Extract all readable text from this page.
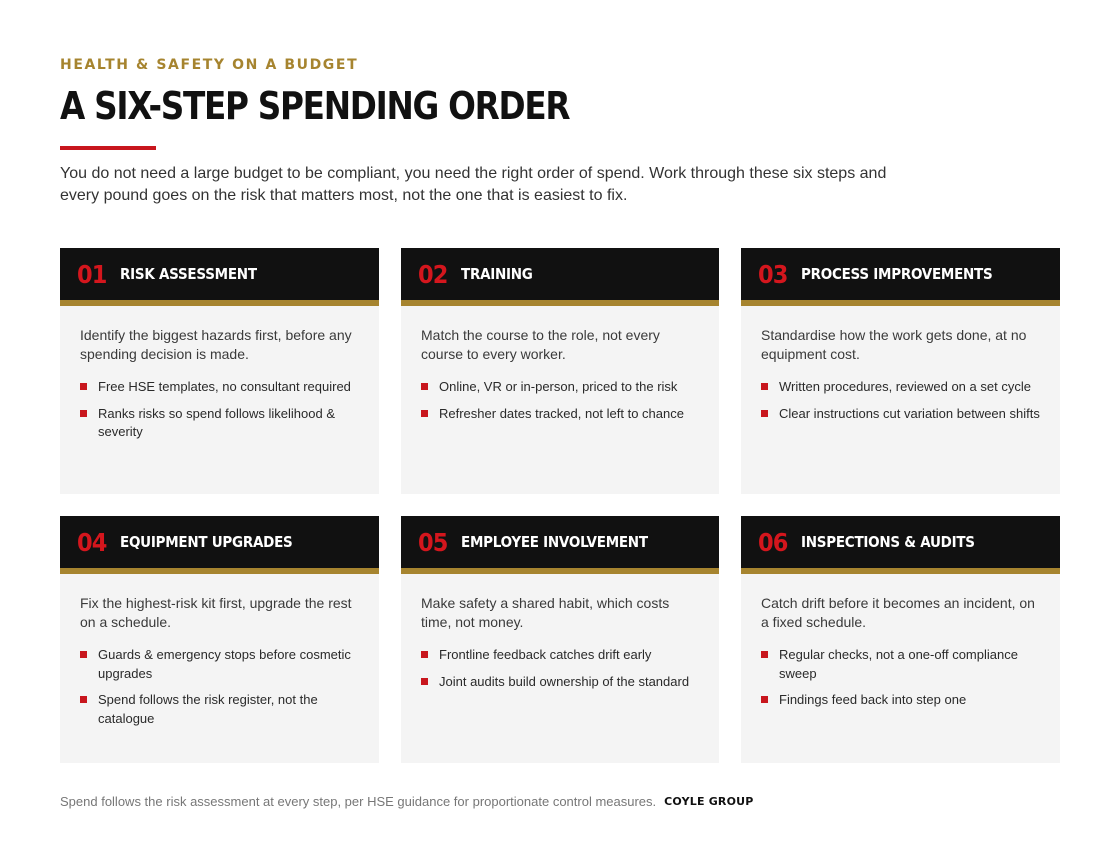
HEALTH & SAFETY ON A BUDGET
A SIX-STEP SPENDING ORDER
You do not need a large budget to be compliant, you need the right order of spend. Work through these six steps and every pound goes on the risk that matters most, not the one that is easiest to fix.
01 RISK ASSESSMENT

Identify the biggest hazards first, before any spending decision is made.

Free HSE templates, no consultant required
Ranks risks so spend follows likelihood & severity
02 TRAINING

Match the course to the role, not every course to every worker.

Online, VR or in-person, priced to the risk
Refresher dates tracked, not left to chance
03 PROCESS IMPROVEMENTS

Standardise how the work gets done, at no equipment cost.

Written procedures, reviewed on a set cycle
Clear instructions cut variation between shifts
04 EQUIPMENT UPGRADES

Fix the highest-risk kit first, upgrade the rest on a schedule.

Guards & emergency stops before cosmetic upgrades
Spend follows the risk register, not the catalogue
05 EMPLOYEE INVOLVEMENT

Make safety a shared habit, which costs time, not money.

Frontline feedback catches drift early
Joint audits build ownership of the standard
06 INSPECTIONS & AUDITS

Catch drift before it becomes an incident, on a fixed schedule.

Regular checks, not a one-off compliance sweep
Findings feed back into step one
Spend follows the risk assessment at every step, per HSE guidance for proportionate control measures. COYLE GROUP
